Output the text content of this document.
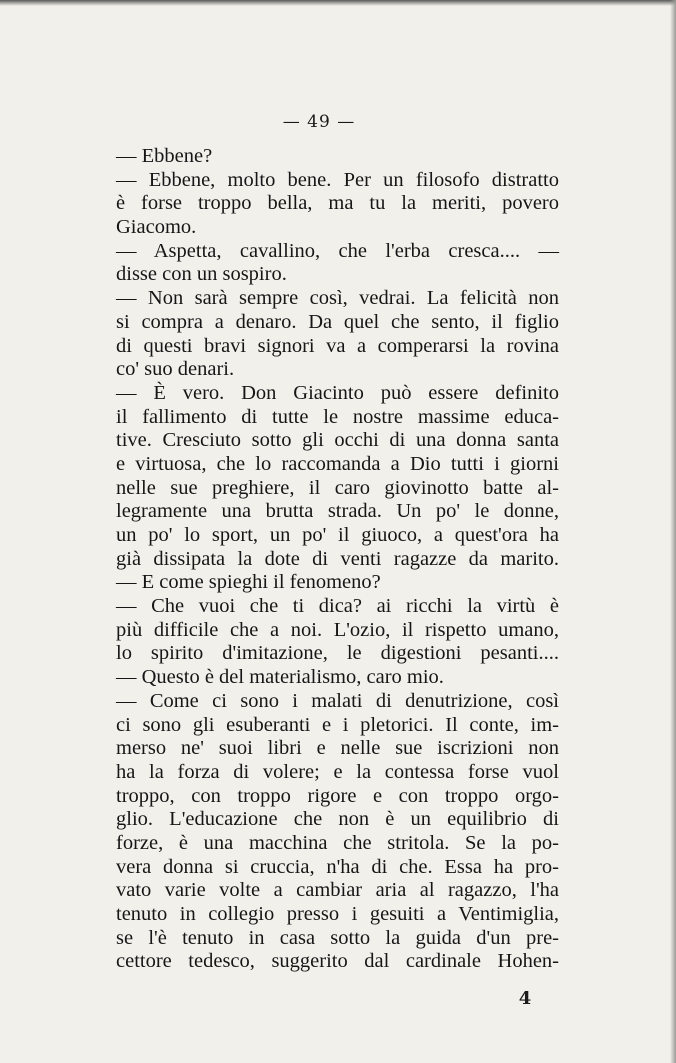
— 49 —
— Ebbene?
— Ebbene, molto bene. Per un filosofo distratto
è forse troppo bella, ma tu la meriti, povero
Giacomo.
— Aspetta, cavallino, che l'erba cresca.... —
disse con un sospiro.
— Non sarà sempre così, vedrai. La felicità non
si compra a denaro. Da quel che sento, il figlio
di questi bravi signori va a comperarsi la rovina
co' suo denari.
— È vero. Don Giacinto può essere definito
il fallimento di tutte le nostre massime educa-
tive. Cresciuto sotto gli occhi di una donna santa
e virtuosa, che lo raccomanda a Dio tutti i giorni
nelle sue preghiere, il caro giovinotto batte al-
legramente una brutta strada. Un po' le donne,
un po' lo sport, un po' il giuoco, a quest'ora ha
già dissipata la dote di venti ragazze da marito.
— E come spieghi il fenomeno?
— Che vuoi che ti dica? ai ricchi la virtù è
più difficile che a noi. L'ozio, il rispetto umano,
lo spirito d'imitazione, le digestioni pesanti....
— Questo è del materialismo, caro mio.
— Come ci sono i malati di denutrizione, così
ci sono gli esuberanti e i pletorici. Il conte, im-
merso ne' suoi libri e nelle sue iscrizioni non
ha la forza di volere; e la contessa forse vuol
troppo, con troppo rigore e con troppo orgo-
glio. L'educazione che non è un equilibrio di
forze, è una macchina che stritola. Se la po-
vera donna si cruccia, n'ha di che. Essa ha pro-
vato varie volte a cambiar aria al ragazzo, l'ha
tenuto in collegio presso i gesuiti a Ventimiglia,
se l'è tenuto in casa sotto la guida d'un pre-
cettore tedesco, suggerito dal cardinale Hohen-
4
